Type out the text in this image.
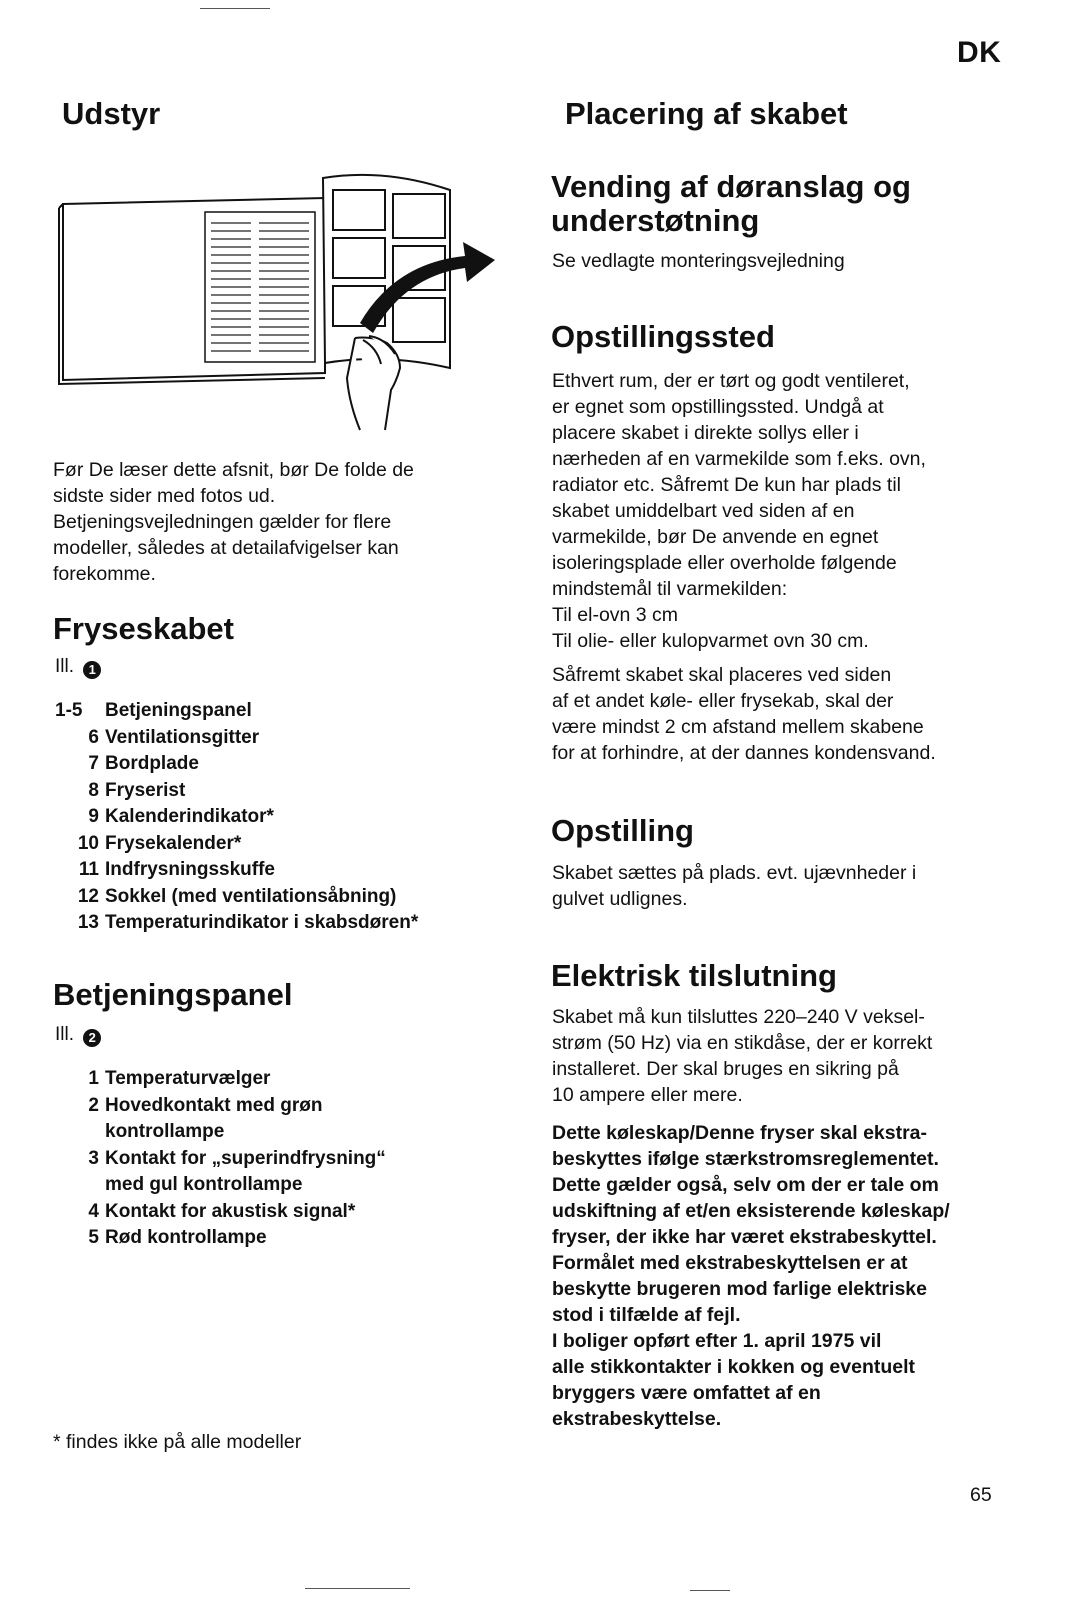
DK
Udstyr
Før De læser dette afsnit, bør De folde de
sidste sider med fotos ud.
Betjeningsvejledningen gælder for flere
modeller, således at detailafvigelser kan
forekomme.
Fryseskabet
Ill. 1
1-5	Betjeningspanel
6 Ventilationsgitter
7 Bordplade
8 Fryserist
9 Kalenderindikator*
10 Frysekalender*
11 Indfrysningsskuffe
12 Sokkel (med ventilationsåbning)
13 Temperaturindikator i skabsdøren*
Betjeningspanel
Ill. 2
1 Temperaturvælger
2 Hovedkontakt med grøn
kontrollampe
3 Kontakt for „superindfrysning“
med gul kontrollampe
4 Kontakt for akustisk signal*
5 Rød kontrollampe
* findes ikke på alle modeller
Placering af skabet
Vending af døranslag og
understøtning
Se vedlagte monteringsvejledning
Opstillingssted
Ethvert rum, der er tørt og godt ventileret,
er egnet som opstillingssted. Undgå at
placere skabet i direkte sollys eller i
nærheden af en varmekilde som f.eks. ovn,
radiator etc. Såfremt De kun har plads til
skabet umiddelbart ved siden af en
varmekilde, bør De anvende en egnet
isoleringsplade eller overholde følgende
mindstemål til varmekilden:
Til el-ovn 3 cm
Til olie- eller kulopvarmet ovn 30 cm.
Såfremt skabet skal placeres ved siden
af et andet køle- eller frysekab, skal der
være mindst 2 cm afstand mellem skabene
for at forhindre, at der dannes kondensvand.
Opstilling
Skabet sættes på plads. evt. ujævnheder i
gulvet udlignes.
Elektrisk tilslutning
Skabet må kun tilsluttes 220–240 V veksel-
strøm (50 Hz) via en stikdåse, der er korrekt
installeret. Der skal bruges en sikring på
10 ampere eller mere.
Dette køleskap/Denne fryser skal ekstra-
beskyttes ifølge stærkstromsreglementet.
Dette gælder også, selv om der er tale om
udskiftning af et/en eksisterende køleskap/
fryser, der ikke har været ekstrabeskyttel.
Formålet med ekstrabeskyttelsen er at
beskytte brugeren mod farlige elektriske
stod i tilfælde af fejl.
I boliger opført efter 1. april 1975 vil
alle stikkontakter i kokken og eventuelt
bryggers være omfattet af en
ekstrabeskyttelse.
65
